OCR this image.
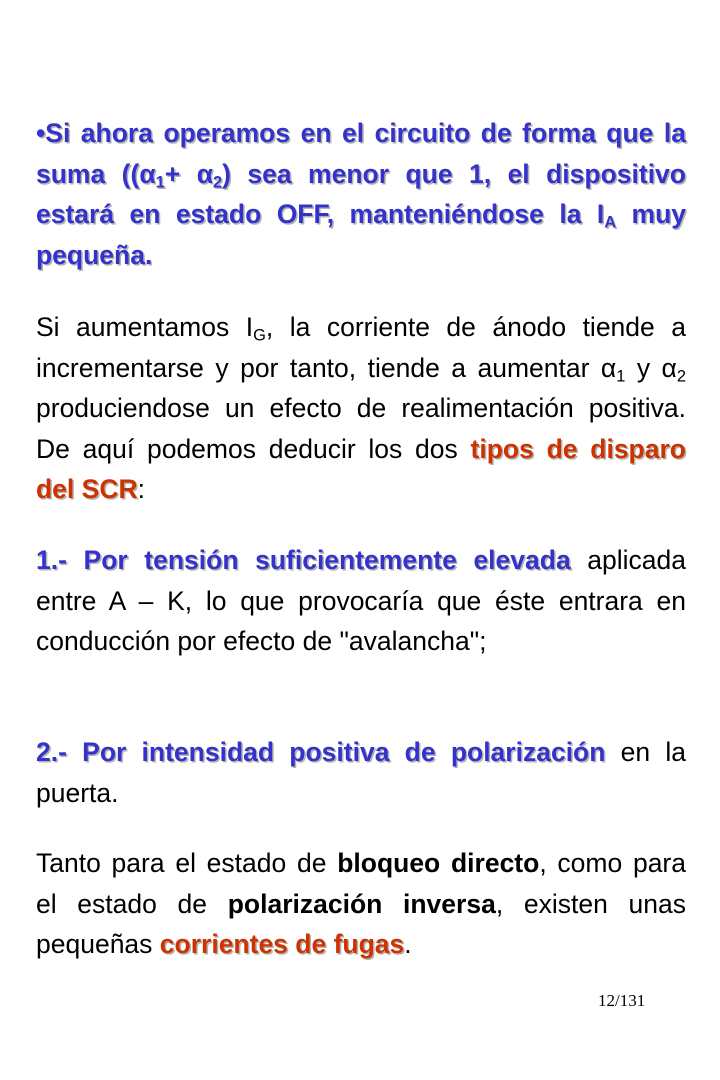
•Si ahora operamos en el circuito de forma que la suma ($(\alpha_1+ \alpha_2)$ sea menor que 1, el dispositivo estará en estado OFF, manteniéndose la $I_A$ muy pequeña.

Si aumentamos $I_G$, la corriente de ánodo tiende a incrementarse y por tanto, tiende a aumentar $\alpha_1$ y $\alpha_2$ produciendose un efecto de realimentación positiva. De aquí podemos deducir los dos tipos de disparo del SCR:

1.- Por tensión suficientemente elevada aplicada entre A – K, lo que provocaría que éste entrara en conducción por efecto de "avalancha";

2.- Por intensidad positiva de polarización en la puerta.

Tanto para el estado de bloqueo directo, como para el estado de polarización inversa, existen unas pequeñas corrientes de fugas.

12/131
